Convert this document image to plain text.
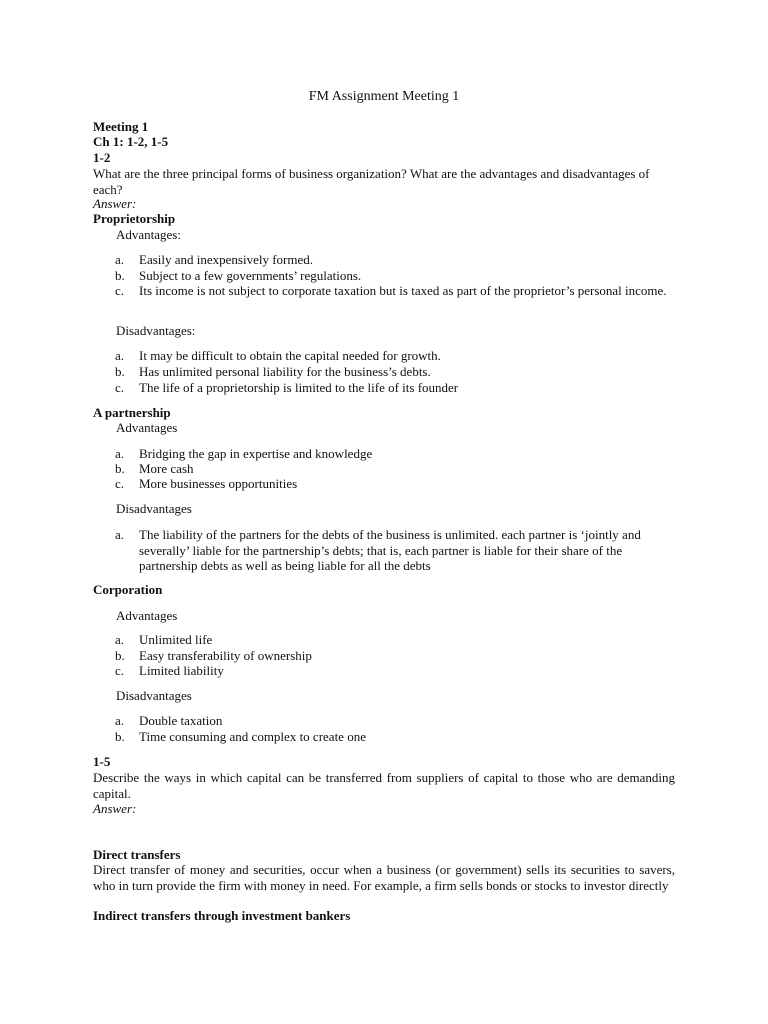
FM Assignment Meeting 1
Meeting 1
Ch 1: 1-2, 1-5
1-2
What are the three principal forms of business organization? What are the advantages and disadvantages of each?
Answer:
Proprietorship
Advantages:
a.	Easily and inexpensively formed.
b.	Subject to a few governments’ regulations.
c.	Its income is not subject to corporate taxation but is taxed as part of the proprietor’s personal income.
Disadvantages:
a.	It may be difficult to obtain the capital needed for growth.
b.	Has unlimited personal liability for the business’s debts.
c.	The life of a proprietorship is limited to the life of its founder
A partnership
Advantages
a.	Bridging the gap in expertise and knowledge
b.	More cash
c.	More businesses opportunities
Disadvantages
a.	The liability of the partners for the debts of the business is unlimited. each partner is ‘jointly and severally’ liable for the partnership’s debts; that is, each partner is liable for their share of the partnership debts as well as being liable for all the debts
Corporation
Advantages
a.	Unlimited life
b.	Easy transferability of ownership
c.	Limited liability
Disadvantages
a.	Double taxation
b.	Time consuming and complex to create one
1-5
Describe the ways in which capital can be transferred from suppliers of capital to those who are demanding capital.
Answer:
Direct transfers
Direct transfer of money and securities, occur when a business (or government) sells its securities to savers, who in turn provide the firm with money in need. For example, a firm sells bonds or stocks to investor directly
Indirect transfers through investment bankers
